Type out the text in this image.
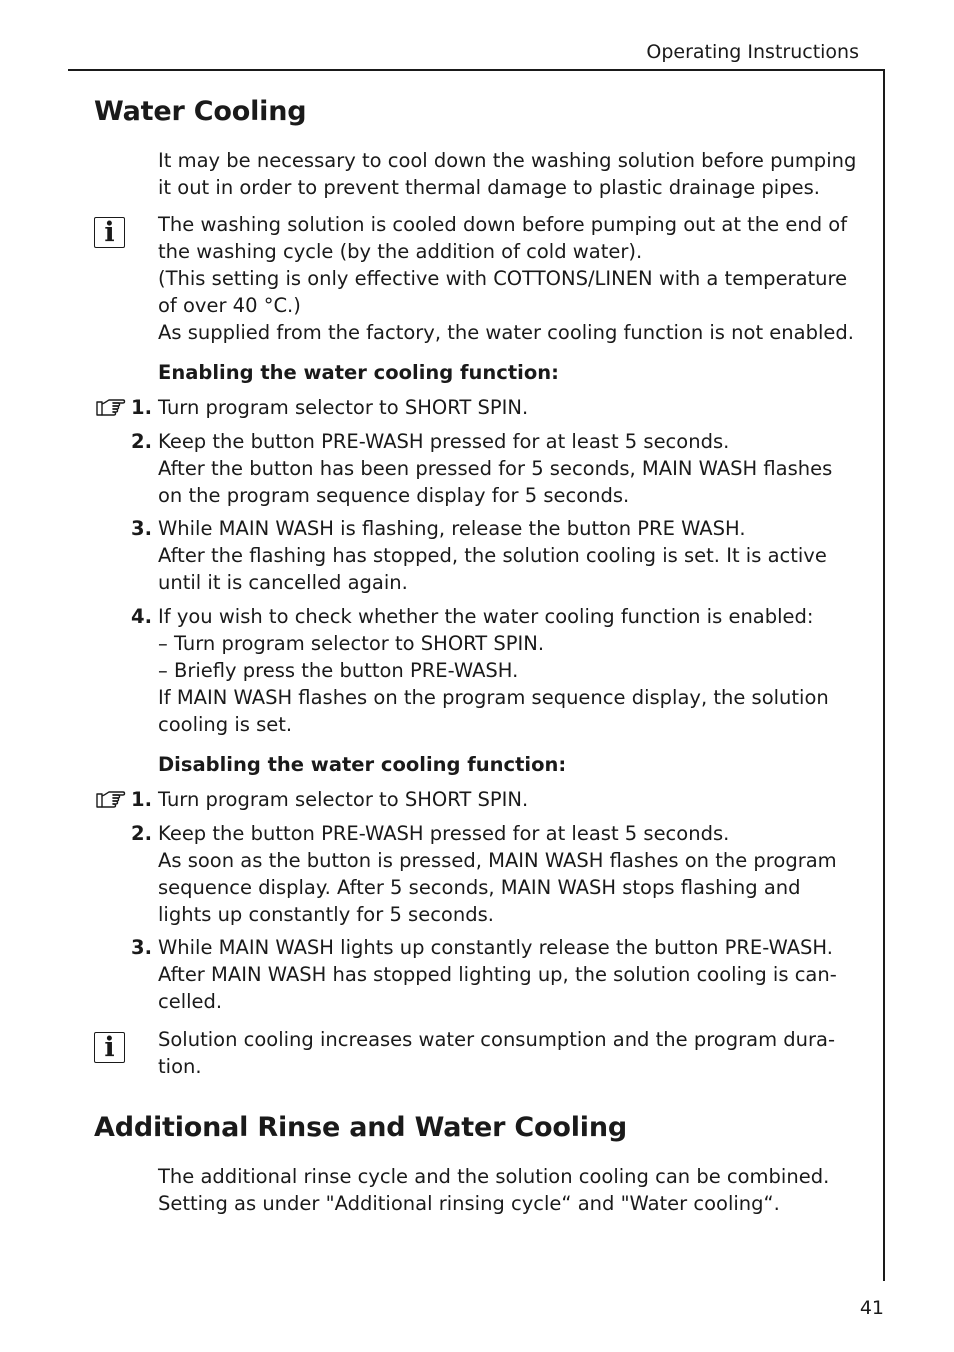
Operating Instructions
Water Cooling
It may be necessary to cool down the washing solution before pumping
it out in order to prevent thermal damage to plastic drainage pipes.
i	The washing solution is cooled down before pumping out at the end of
the washing cycle (by the addition of cold water).
(This setting is only effective with COTTONS/LINEN with a temperature
of over 40 °C.)
As supplied from the factory, the water cooling function is not enabled.
Enabling the water cooling function:
1. Turn program selector to SHORT SPIN.
2. Keep the button PRE-WASH pressed for at least 5 seconds.
After the button has been pressed for 5 seconds, MAIN WASH flashes
on the program sequence display for 5 seconds.
3. While MAIN WASH is flashing, release the button PRE WASH.
After the flashing has stopped, the solution cooling is set. It is active
until it is cancelled again.
4. If you wish to check whether the water cooling function is enabled:
– Turn program selector to SHORT SPIN.
– Briefly press the button PRE-WASH.
If MAIN WASH flashes on the program sequence display, the solution
cooling is set.
Disabling the water cooling function:
1. Turn program selector to SHORT SPIN.
2. Keep the button PRE-WASH pressed for at least 5 seconds.
As soon as the button is pressed, MAIN WASH flashes on the program
sequence display. After 5 seconds, MAIN WASH stops flashing and
lights up constantly for 5 seconds.
3. While MAIN WASH lights up constantly release the button PRE-WASH.
After MAIN WASH has stopped lighting up, the solution cooling is can-
celled.
i	Solution cooling increases water consumption and the program dura-
tion.
Additional Rinse and Water Cooling
The additional rinse cycle and the solution cooling can be combined.
Setting as under "Additional rinsing cycle“ and "Water cooling“.
41
